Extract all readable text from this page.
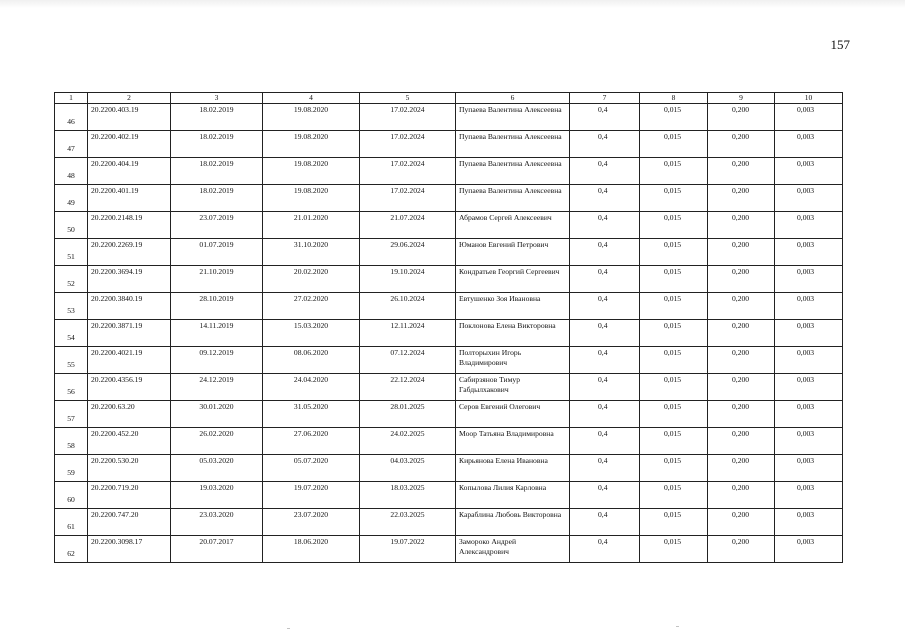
157
1	2	3	4	5	6	7	8	9	10
46	20.2200.403.19	18.02.2019	19.08.2020	17.02.2024	Пупаева Валентина Алексеевна	0,4	0,015	0,200	0,003
47	20.2200.402.19	18.02.2019	19.08.2020	17.02.2024	Пупаева Валентина Алексеевна	0,4	0,015	0,200	0,003
48	20.2200.404.19	18.02.2019	19.08.2020	17.02.2024	Пупаева Валентина Алексеевна	0,4	0,015	0,200	0,003
49	20.2200.401.19	18.02.2019	19.08.2020	17.02.2024	Пупаева Валентина Алексеевна	0,4	0,015	0,200	0,003
50	20.2200.2148.19	23.07.2019	21.01.2020	21.07.2024	Абрамов Сергей Алексеевич	0,4	0,015	0,200	0,003
51	20.2200.2269.19	01.07.2019	31.10.2020	29.06.2024	Юманов Евгений Петрович	0,4	0,015	0,200	0,003
52	20.2200.3694.19	21.10.2019	20.02.2020	19.10.2024	Кондратьев Георгий Сергеевич	0,4	0,015	0,200	0,003
53	20.2200.3840.19	28.10.2019	27.02.2020	26.10.2024	Евтушенко Зоя Ивановна	0,4	0,015	0,200	0,003
54	20.2200.3871.19	14.11.2019	15.03.2020	12.11.2024	Поклонова Елена Викторовна	0,4	0,015	0,200	0,003
55	20.2200.4021.19	09.12.2019	08.06.2020	07.12.2024	Полторыхин Игорь Владимирович	0,4	0,015	0,200	0,003
56	20.2200.4356.19	24.12.2019	24.04.2020	22.12.2024	Сабирзянов Тимур Габдылхакович	0,4	0,015	0,200	0,003
57	20.2200.63.20	30.01.2020	31.05.2020	28.01.2025	Серов Евгений Олегович	0,4	0,015	0,200	0,003
58	20.2200.452.20	26.02.2020	27.06.2020	24.02.2025	Моор Татьяна Владимировна	0,4	0,015	0,200	0,003
59	20.2200.530.20	05.03.2020	05.07.2020	04.03.2025	Кирьянова Елена Ивановна	0,4	0,015	0,200	0,003
60	20.2200.719.20	19.03.2020	19.07.2020	18.03.2025	Копылова Лилия Карловна	0,4	0,015	0,200	0,003
61	20.2200.747.20	23.03.2020	23.07.2020	22.03.2025	Караблина Любовь Викторовна	0,4	0,015	0,200	0,003
62	20.2200.3098.17	20.07.2017	18.06.2020	19.07.2022	Замороко Андрей Александрович	0,4	0,015	0,200	0,003
